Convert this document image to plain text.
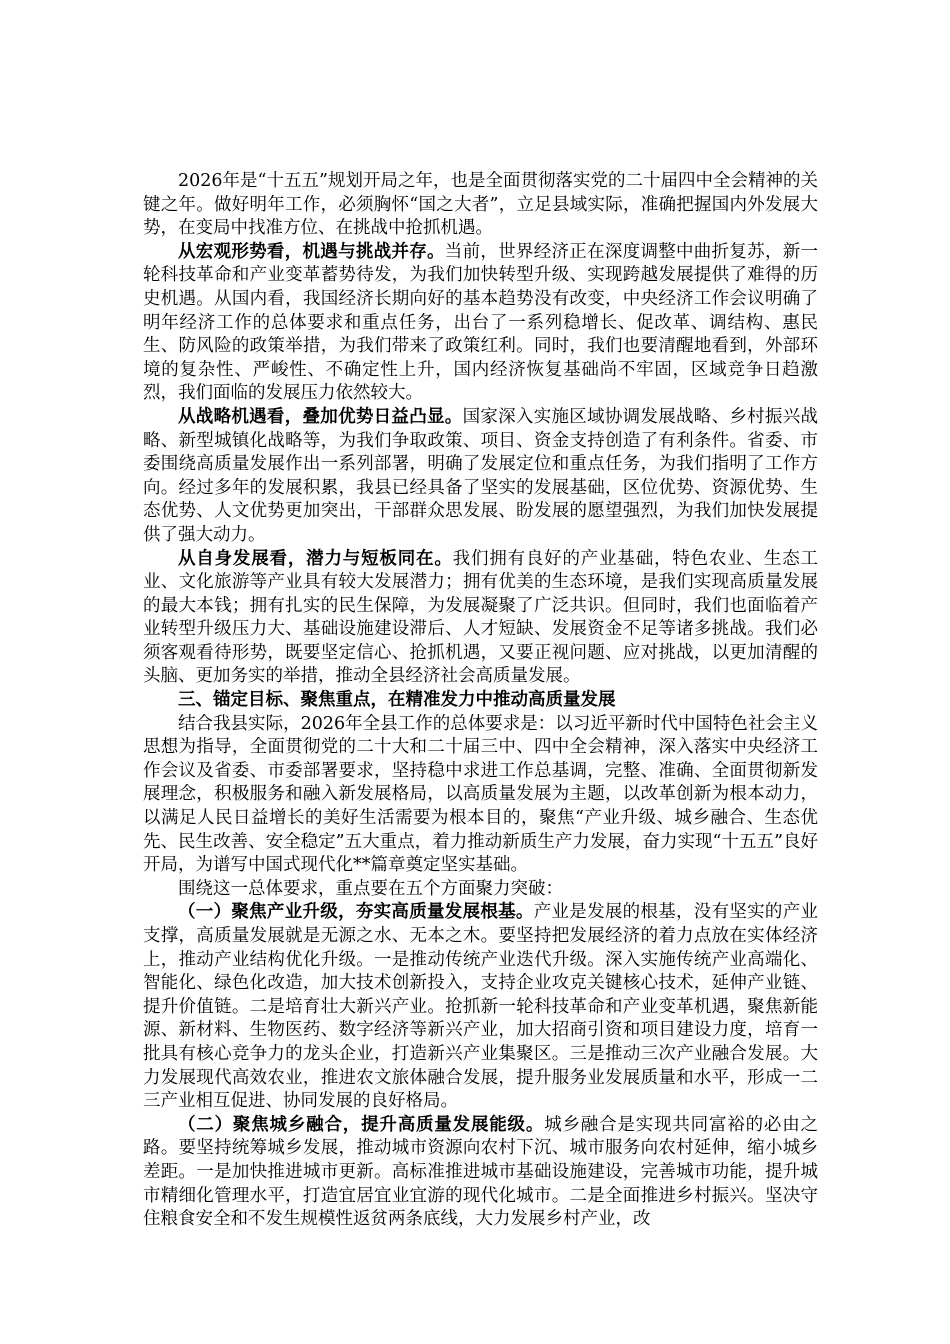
2026年是“十五五”规划开局之年，也是全面贯彻落实党的二十届四中全会精神的关键之年。做好明年工作，必须胸怀“国之大者”，立足县域实际，准确把握国内外发展大势，在变局中找准方位、在挑战中抢抓机遇。

从宏观形势看，机遇与挑战并存。当前，世界经济正在深度调整中曲折复苏，新一轮科技革命和产业变革蓄势待发，为我们加快转型升级、实现跨越发展提供了难得的历史机遇。从国内看，我国经济长期向好的基本趋势没有改变，中央经济工作会议明确了明年经济工作的总体要求和重点任务，出台了一系列稳增长、促改革、调结构、惠民生、防风险的政策举措，为我们带来了政策红利。同时，我们也要清醒地看到，外部环境的复杂性、严峻性、不确定性上升，国内经济恢复基础尚不牢固，区域竞争日趋激烈，我们面临的发展压力依然较大。

从战略机遇看，叠加优势日益凸显。国家深入实施区域协调发展战略、乡村振兴战略、新型城镇化战略等，为我们争取政策、项目、资金支持创造了有利条件。省委、市委围绕高质量发展作出一系列部署，明确了发展定位和重点任务，为我们指明了工作方向。经过多年的发展积累，我县已经具备了坚实的发展基础，区位优势、资源优势、生态优势、人文优势更加突出，干部群众思发展、盼发展的愿望强烈，为我们加快发展提供了强大动力。

从自身发展看，潜力与短板同在。我们拥有良好的产业基础，特色农业、生态工业、文化旅游等产业具有较大发展潜力；拥有优美的生态环境，是我们实现高质量发展的最大本钱；拥有扎实的民生保障，为发展凝聚了广泛共识。但同时，我们也面临着产业转型升级压力大、基础设施建设滞后、人才短缺、发展资金不足等诸多挑战。我们必须客观看待形势，既要坚定信心、抢抓机遇，又要正视问题、应对挑战，以更加清醒的头脑、更加务实的举措，推动全县经济社会高质量发展。

三、锚定目标、聚焦重点，在精准发力中推动高质量发展

结合我县实际，2026年全县工作的总体要求是：以习近平新时代中国特色社会主义思想为指导，全面贯彻党的二十大和二十届三中、四中全会精神，深入落实中央经济工作会议及省委、市委部署要求，坚持稳中求进工作总基调，完整、准确、全面贯彻新发展理念，积极服务和融入新发展格局，以高质量发展为主题，以改革创新为根本动力，以满足人民日益增长的美好生活需要为根本目的，聚焦“产业升级、城乡融合、生态优先、民生改善、安全稳定”五大重点，着力推动新质生产力发展，奋力实现“十五五”良好开局，为谱写中国式现代化**篇章奠定坚实基础。

围绕这一总体要求，重点要在五个方面聚力突破：

（一）聚焦产业升级，夯实高质量发展根基。产业是发展的根基，没有坚实的产业支撑，高质量发展就是无源之水、无本之木。要坚持把发展经济的着力点放在实体经济上，推动产业结构优化升级。一是推动传统产业迭代升级。深入实施传统产业高端化、智能化、绿色化改造，加大技术创新投入，支持企业攻克关键核心技术，延伸产业链、提升价值链。二是培育壮大新兴产业。抢抓新一轮科技革命和产业变革机遇，聚焦新能源、新材料、生物医药、数字经济等新兴产业，加大招商引资和项目建设力度，培育一批具有核心竞争力的龙头企业，打造新兴产业集聚区。三是推动三次产业融合发展。大力发展现代高效农业，推进农文旅体融合发展，提升服务业发展质量和水平，形成一二三产业相互促进、协同发展的良好格局。

（二）聚焦城乡融合，提升高质量发展能级。城乡融合是实现共同富裕的必由之路。要坚持统筹城乡发展，推动城市资源向农村下沉、城市服务向农村延伸，缩小城乡差距。一是加快推进城市更新。高标准推进城市基础设施建设，完善城市功能，提升城市精细化管理水平，打造宜居宜业宜游的现代化城市。二是全面推进乡村振兴。坚决守住粮食安全和不发生规模性返贫两条底线，大力发展乡村产业，改
